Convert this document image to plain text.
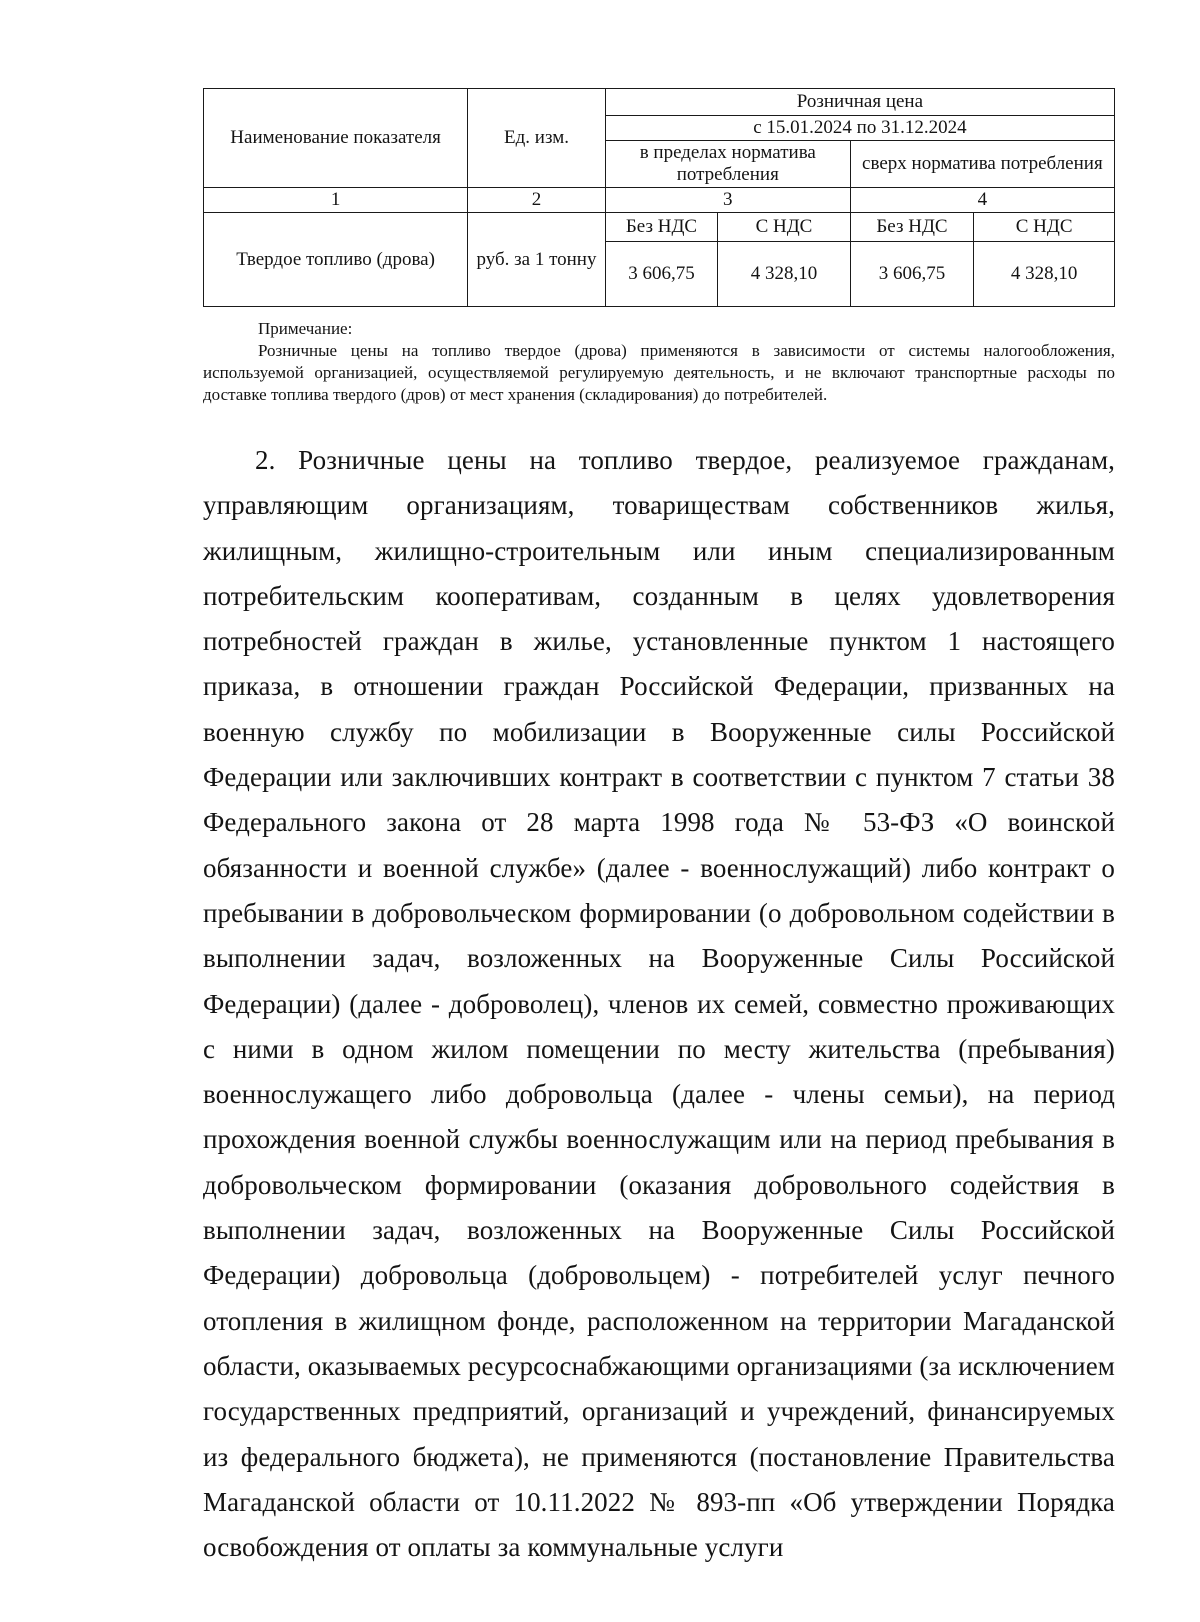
Наименование показателя	Ед. изм.	Розничная цена			
		с 15.01.2024 по 31.12.2024			
		в пределах норматива потребления		сверх норматива потребления	
1	2	3		4	
Твердое топливо (дрова)	руб. за 1 тонну	Без НДС	С НДС	Без НДС	С НДС
		3 606,75	4 328,10	3 606,75	4 328,10
Примечание:
Розничные цены на топливо твердое (дрова) применяются в зависимости от системы налогообложения, используемой организацией, осуществляемой регулируемую деятельность, и не включают транспортные расходы по доставке топлива твердого (дров) от мест хранения (складирования) до потребителей.
2. Розничные цены на топливо твердое, реализуемое гражданам, управляющим организациям, товариществам собственников жилья, жилищным, жилищно-строительным или иным специализированным потребительским кооперативам, созданным в целях удовлетворения потребностей граждан в жилье, установленные пунктом 1 настоящего приказа, в отношении граждан Российской Федерации, призванных на военную службу по мобилизации в Вооруженные силы Российской Федерации или заключивших контракт в соответствии с пунктом 7 статьи 38 Федерального закона от 28 марта 1998 года № 53-ФЗ «О воинской обязанности и военной службе» (далее - военнослужащий) либо контракт о пребывании в добровольческом формировании (о добровольном содействии в выполнении задач, возложенных на Вооруженные Силы Российской Федерации) (далее - доброволец), членов их семей, совместно проживающих с ними в одном жилом помещении по месту жительства (пребывания) военнослужащего либо добровольца (далее - члены семьи), на период прохождения военной службы военнослужащим или на период пребывания в добровольческом формировании (оказания добровольного содействия в выполнении задач, возложенных на Вооруженные Силы Российской Федерации) добровольца (добровольцем) - потребителей услуг печного отопления в жилищном фонде, расположенном на территории Магаданской области, оказываемых ресурсоснабжающими организациями (за исключением государственных предприятий, организаций и учреждений, финансируемых из федерального бюджета), не применяются (постановление Правительства Магаданской области от 10.11.2022 № 893-пп «Об утверждении Порядка освобождения от оплаты за коммунальные услуги
